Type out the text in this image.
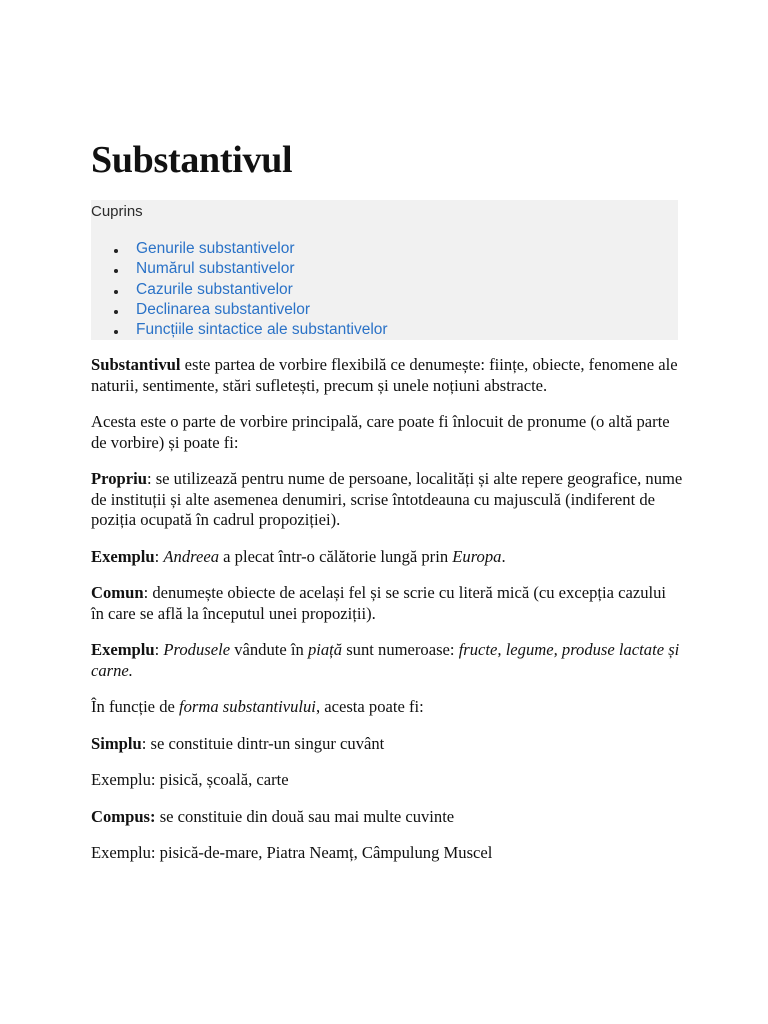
Substantivul
Cuprins
Genurile substantivelor
Numărul substantivelor
Cazurile substantivelor
Declinarea substantivelor
Funcțiile sintactice ale substantivelor

Substantivul este partea de vorbire flexibilă ce denumește: ființe, obiecte, fenomene ale naturii, sentimente, stări sufletești, precum și unele noțiuni abstracte.

Acesta este o parte de vorbire principală, care poate fi înlocuit de pronume (o altă parte de vorbire) și poate fi:

Propriu: se utilizează pentru nume de persoane, localități și alte repere geografice, nume de instituții și alte asemenea denumiri, scrise întotdeauna cu majusculă (indiferent de poziția ocupată în cadrul propoziției).

Exemplu: Andreea a plecat într-o călătorie lungă prin Europa.

Comun: denumește obiecte de același fel și se scrie cu literă mică (cu excepția cazului în care se află la începutul unei propoziții).

Exemplu: Produsele vândute în piață sunt numeroase: fructe, legume, produse lactate și carne.

În funcție de forma substantivului, acesta poate fi:

Simplu: se constituie dintr-un singur cuvânt

Exemplu: pisică, școală, carte

Compus: se constituie din două sau mai multe cuvinte

Exemplu: pisică-de-mare, Piatra Neamț, Câmpulung Muscel
